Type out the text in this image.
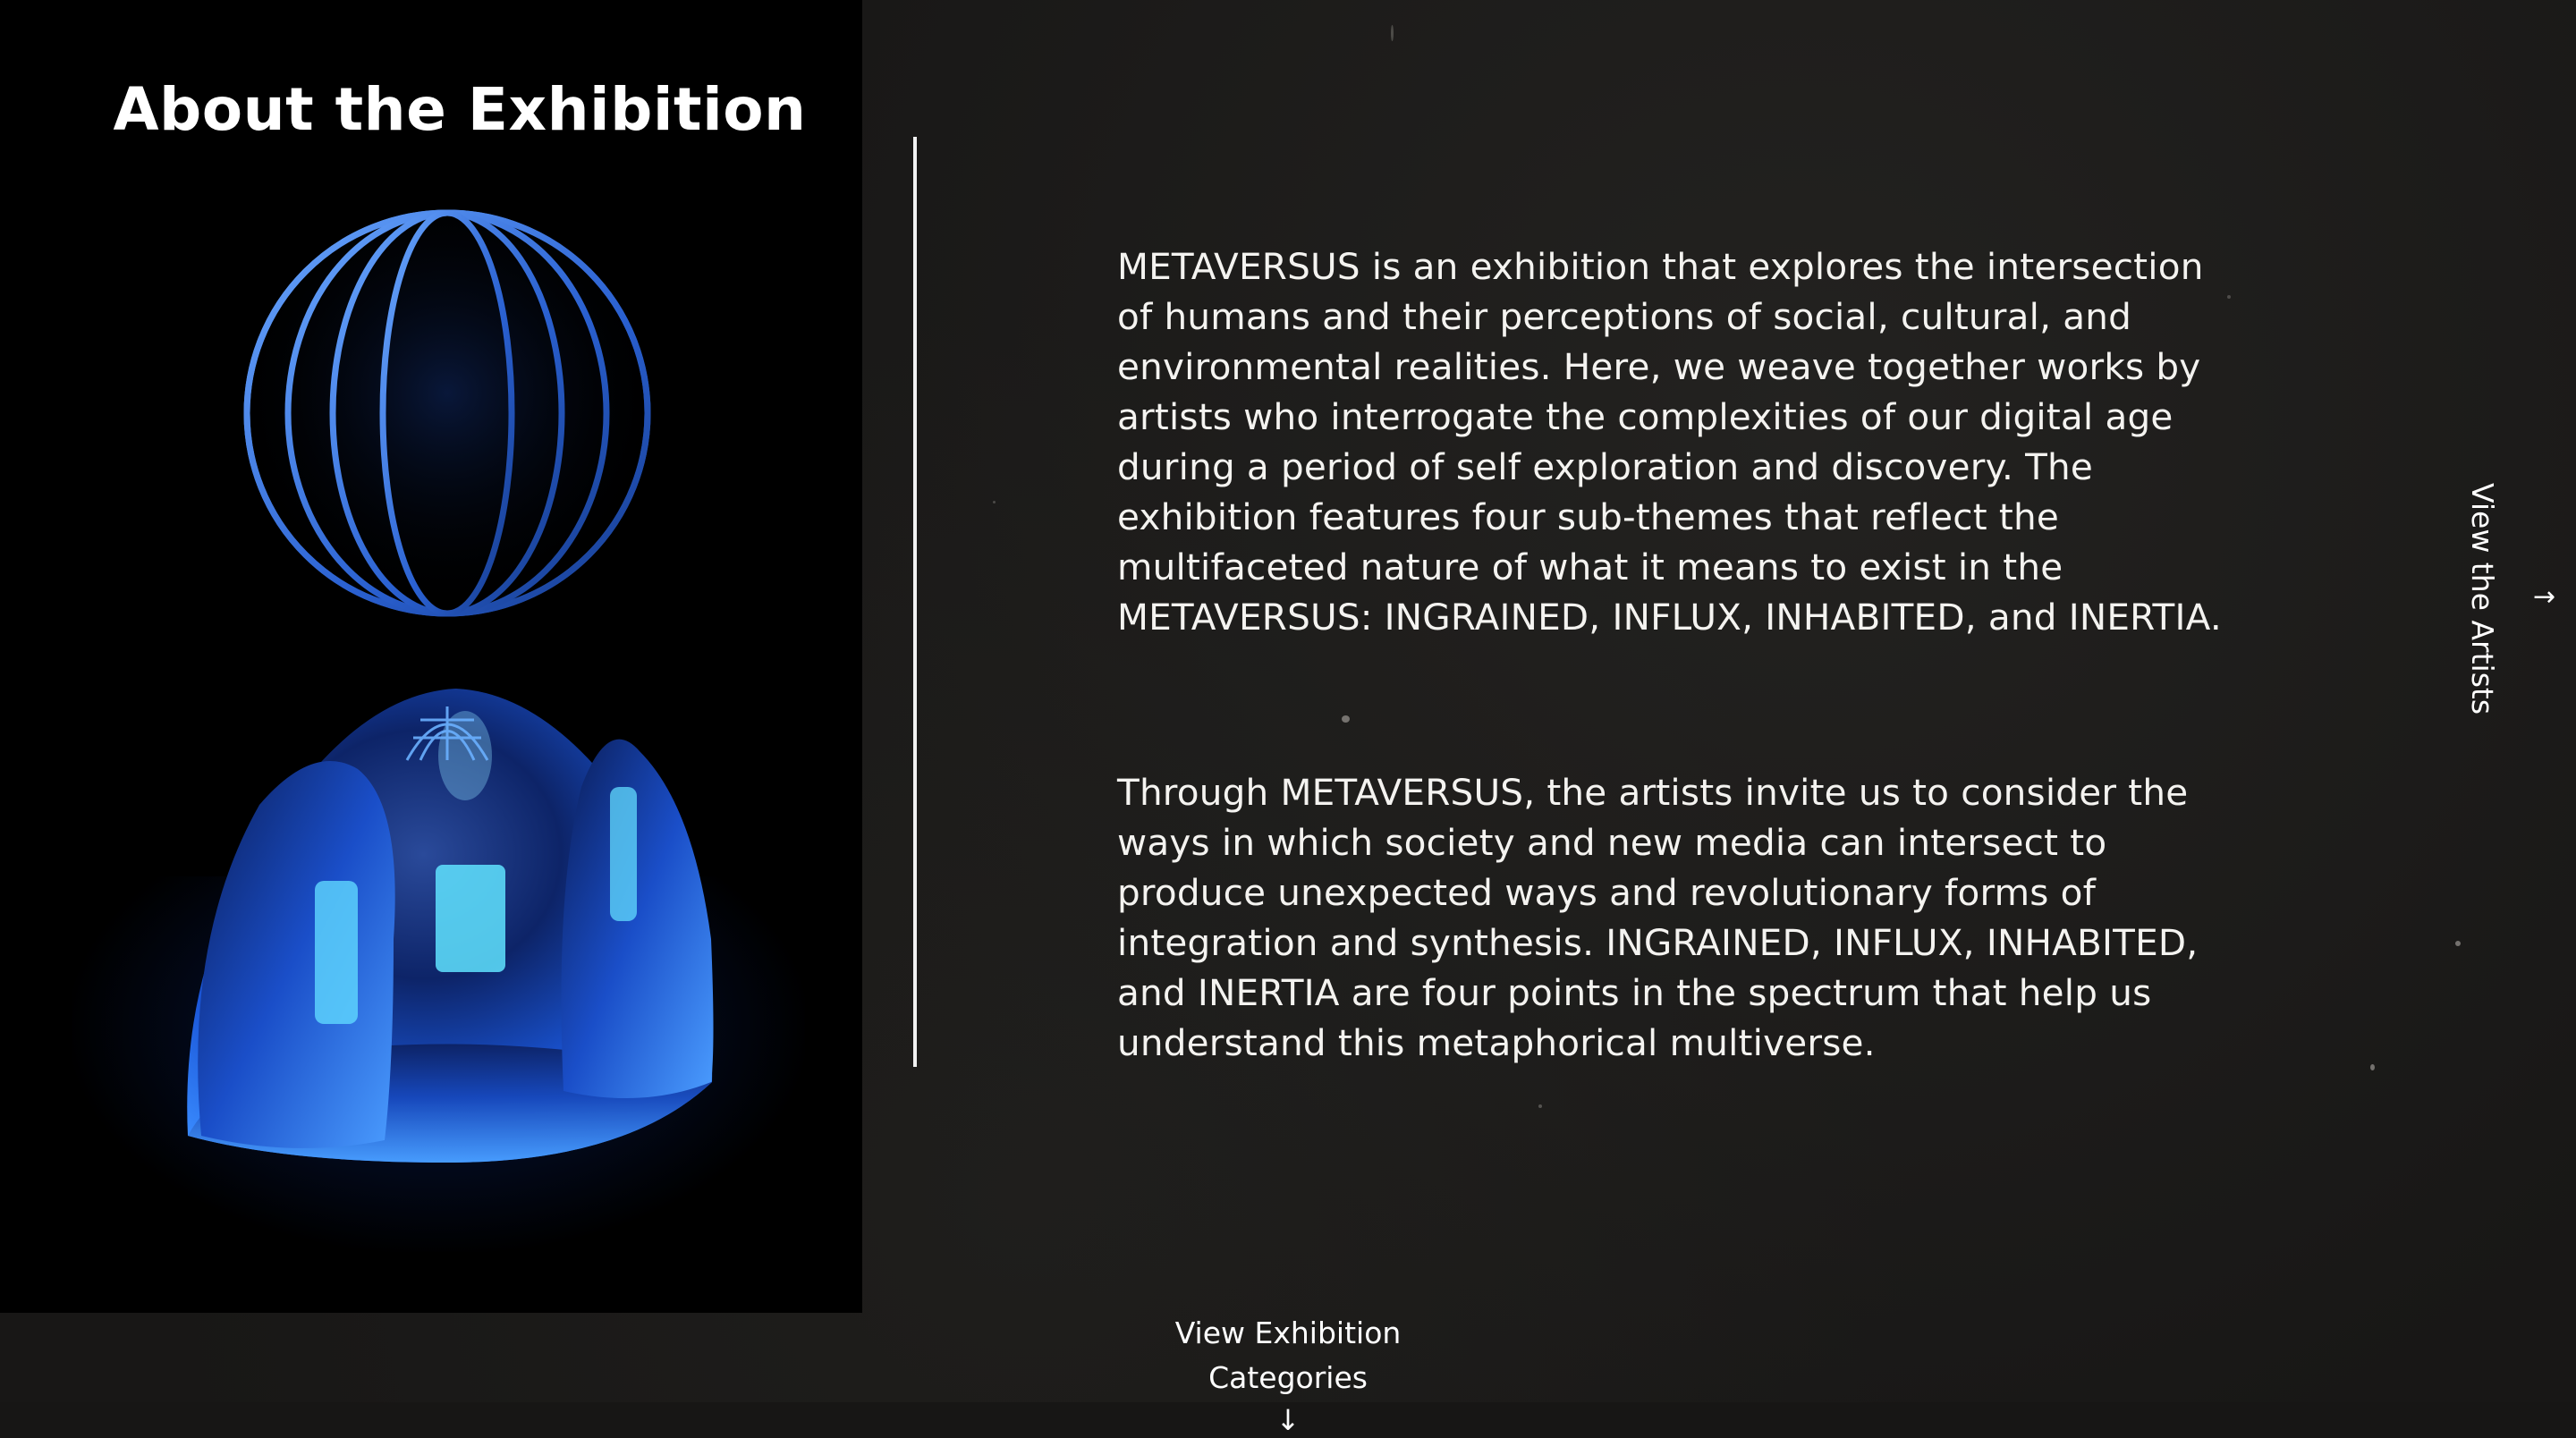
About the Exhibition

METAVERSUS is an exhibition that explores the intersection of humans and their perceptions of social, cultural, and environmental realities. Here, we weave together works by artists who interrogate the complexities of our digital age during a period of self exploration and discovery. The exhibition features four sub-themes that reflect the multifaceted nature of what it means to exist in the METAVERSUS: INGRAINED, INFLUX, INHABITED, and INERTIA.

Through METAVERSUS, the artists invite us to consider the ways in which society and new media can intersect to produce unexpected ways and revolutionary forms of integration and synthesis. INGRAINED, INFLUX, INHABITED, and INERTIA are four points in the spectrum that help us understand this metaphorical multiverse.

View the Artists →
View Exhibition Categories
↓
